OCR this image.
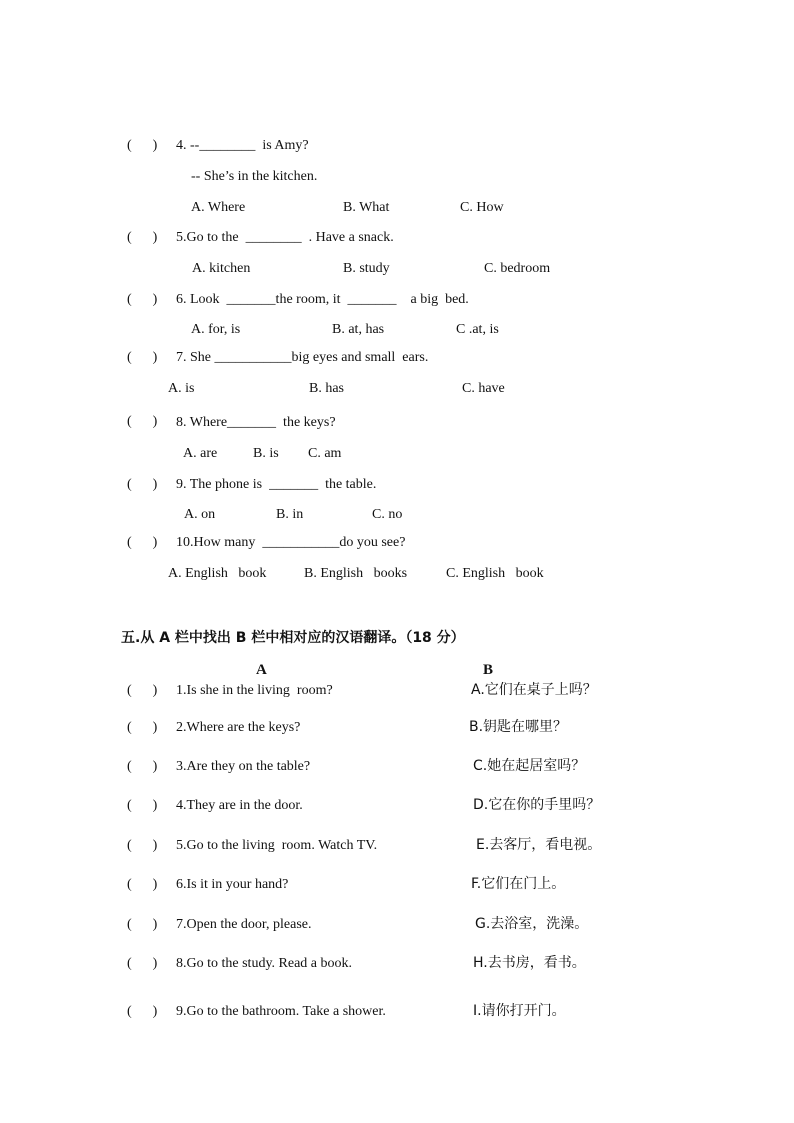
(      ) 4. --________  is Amy?
-- She’s in the kitchen.
A. Where	B. What	C. How
(      ) 5.Go to the  ________  . Have a snack.
A. kitchen	B. study	C. bedroom
(      ) 6. Look  _______the room, it  _______    a big  bed.
A. for, is	B. at, has	C .at, is
(      ) 7. She ___________big eyes and small  ears.
A. is	B. has	C. have
(      ) 8. Where_______  the keys?
A. are	B. is C. am
(      ) 9. The phone is  _______  the table.
A. on	B. in	C. no
(      ) 10.How many  ___________do you see?
A. English   book	B. English   books	C. English   book
五.从 A 栏中找出 B 栏中相对应的汉语翻译。（18 分）
A	B
(      ) 1.Is she in the living  room?	A.它们在桌子上吗？
(      ) 2.Where are the keys?	B.钥匙在哪里？
(      ) 3.Are they on the table?	C.她在起居室吗？
(      ) 4.They are in the door.	D.它在你的手里吗？
(      ) 5.Go to the living  room. Watch TV.	E.去客厅，看电视。
(      ) 6.Is it in your hand?	F.它们在门上。
(      ) 7.Open the door, please.	G.去浴室，洗澡。
(      ) 8.Go to the study. Read a book.	H.去书房，看书。
(      ) 9.Go to the bathroom. Take a shower.	I.请你打开门。
